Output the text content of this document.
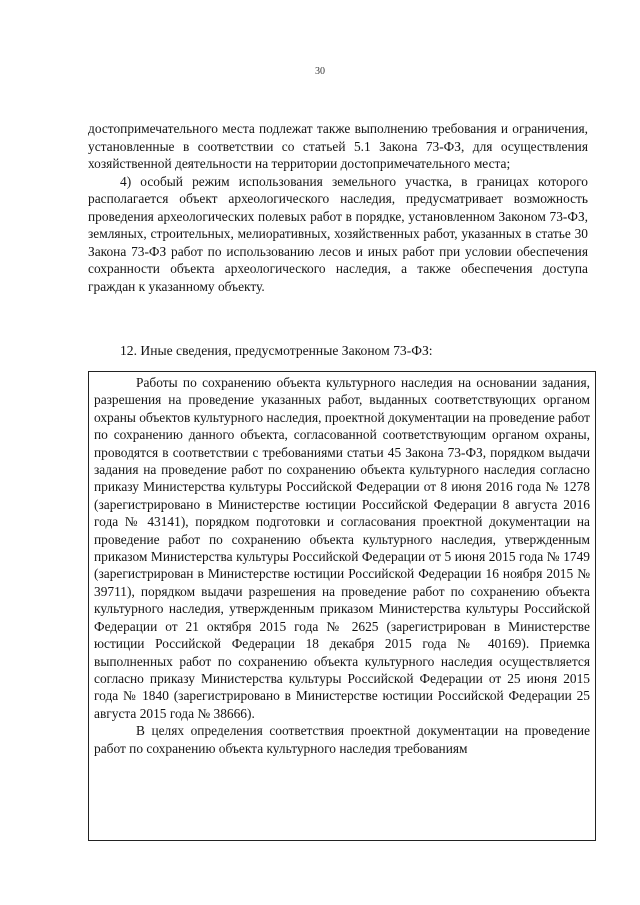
30

достопримечательного места подлежат также выполнению требования и ограничения, установленные в соответствии со статьей 5.1 Закона 73-ФЗ, для осуществления хозяйственной деятельности на территории достопримечательного места;

4) особый режим использования земельного участка, в границах которого располагается объект археологического наследия, предусматривает возможность проведения археологических полевых работ в порядке, установленном Законом 73-ФЗ, земляных, строительных, мелиоративных, хозяйственных работ, указанных в статье 30 Закона 73-ФЗ работ по использованию лесов и иных работ при условии обеспечения сохранности объекта археологического наследия, а также обеспечения доступа граждан к указанному объекту.

12. Иные сведения, предусмотренные Законом 73-ФЗ:

Работы по сохранению объекта культурного наследия на основании задания, разрешения на проведение указанных работ, выданных соответствующих органом охраны объектов культурного наследия, проектной документации на проведение работ по сохранению данного объекта, согласованной соответствующим органом охраны, проводятся в соответствии с требованиями статьи 45 Закона 73-ФЗ, порядком выдачи задания на проведение работ по сохранению объекта культурного наследия согласно приказу Министерства культуры Российской Федерации от 8 июня 2016 года № 1278 (зарегистрировано в Министерстве юстиции Российской Федерации 8 августа 2016 года № 43141), порядком подготовки и согласования проектной документации на проведение работ по сохранению объекта культурного наследия, утвержденным приказом Министерства культуры Российской Федерации от 5 июня 2015 года № 1749 (зарегистрирован в Министерстве юстиции Российской Федерации 16 ноября 2015 № 39711), порядком выдачи разрешения на проведение работ по сохранению объекта культурного наследия, утвержденным приказом Министерства культуры Российской Федерации от 21 октября 2015 года № 2625 (зарегистрирован в Министерстве юстиции Российской Федерации 18 декабря 2015 года № 40169). Приемка выполненных работ по сохранению объекта культурного наследия осуществляется согласно приказу Министерства культуры Российской Федерации от 25 июня 2015 года № 1840 (зарегистрировано в Министерстве юстиции Российской Федерации 25 августа 2015 года № 38666).

В целях определения соответствия проектной документации на проведение работ по сохранению объекта культурного наследия требованиям
